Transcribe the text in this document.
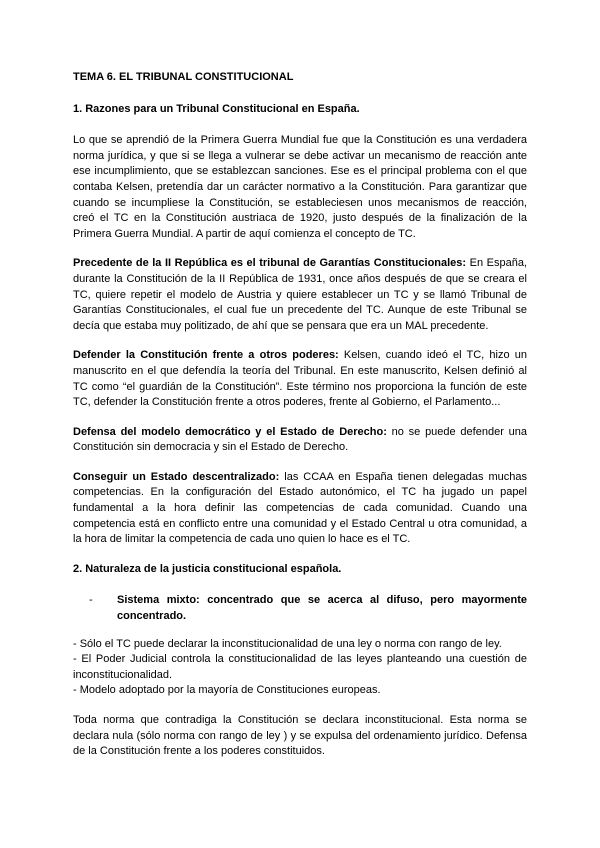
TEMA 6. EL TRIBUNAL CONSTITUCIONAL
1. Razones para un Tribunal Constitucional en España.

Lo que se aprendió de la Primera Guerra Mundial fue que la Constitución es una verdadera norma jurídica, y que si se llega a vulnerar se debe activar un mecanismo de reacción ante ese incumplimiento, que se establezcan sanciones. Ese es el principal problema con el que contaba Kelsen, pretendía dar un carácter normativo a la Constitución. Para garantizar que cuando se incumpliese la Constitución, se estableciesen unos mecanismos de reacción, creó el TC en la Constitución austriaca de 1920, justo después de la finalización de la Primera Guerra Mundial. A partir de aquí comienza el concepto de TC.

Precedente de la II República es el tribunal de Garantías Constitucionales: En España, durante la Constitución de la II República de 1931, once años después de que se creara el TC, quiere repetir el modelo de Austria y quiere establecer un TC y se llamó Tribunal de Garantías Constitucionales, el cual fue un precedente del TC. Aunque de este Tribunal se decía que estaba muy politizado, de ahí que se pensara que era un MAL precedente.

Defender la Constitución frente a otros poderes: Kelsen, cuando ideó el TC, hizo un manuscrito en el que defendía la teoría del Tribunal. En este manuscrito, Kelsen definió al TC como “el guardián de la Constitución”. Este término nos proporciona la función de este TC, defender la Constitución frente a otros poderes, frente al Gobierno, el Parlamento...

Defensa del modelo democrático y el Estado de Derecho: no se puede defender una Constitución sin democracia y sin el Estado de Derecho.

Conseguir un Estado descentralizado: las CCAA en España tienen delegadas muchas competencias. En la configuración del Estado autonómico, el TC ha jugado un papel fundamental a la hora definir las competencias de cada comunidad. Cuando una competencia está en conflicto entre una comunidad y el Estado Central u otra comunidad, a la hora de limitar la competencia de cada uno quien lo hace es el TC.

2. Naturaleza de la justicia constitucional española.
-	Sistema mixto: concentrado que se acerca al difuso, pero mayormente concentrado.
- Sólo el TC puede declarar la inconstitucionalidad de una ley o norma con rango de ley.
- El Poder Judicial controla la constitucionalidad de las leyes planteando una cuestión de inconstitucionalidad.
- Modelo adoptado por la mayoría de Constituciones europeas.

Toda norma que contradiga la Constitución se declara inconstitucional. Esta norma se declara nula (sólo norma con rango de ley ) y se expulsa del ordenamiento jurídico. Defensa de la Constitución frente a los poderes constituidos.
